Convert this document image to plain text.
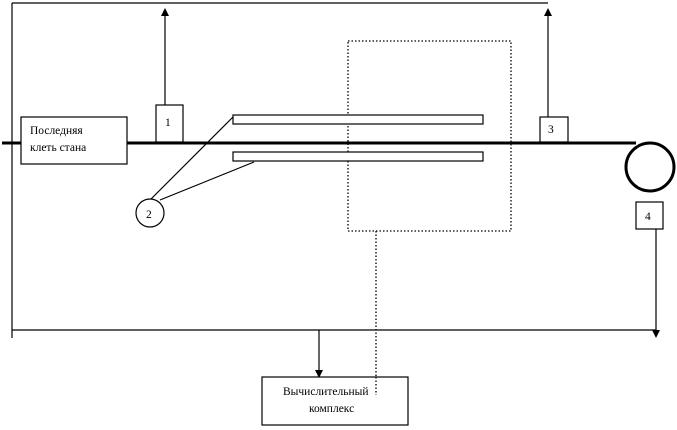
Последняя
клеть стана
1
3
2	4
Вычислительный
комплекс
